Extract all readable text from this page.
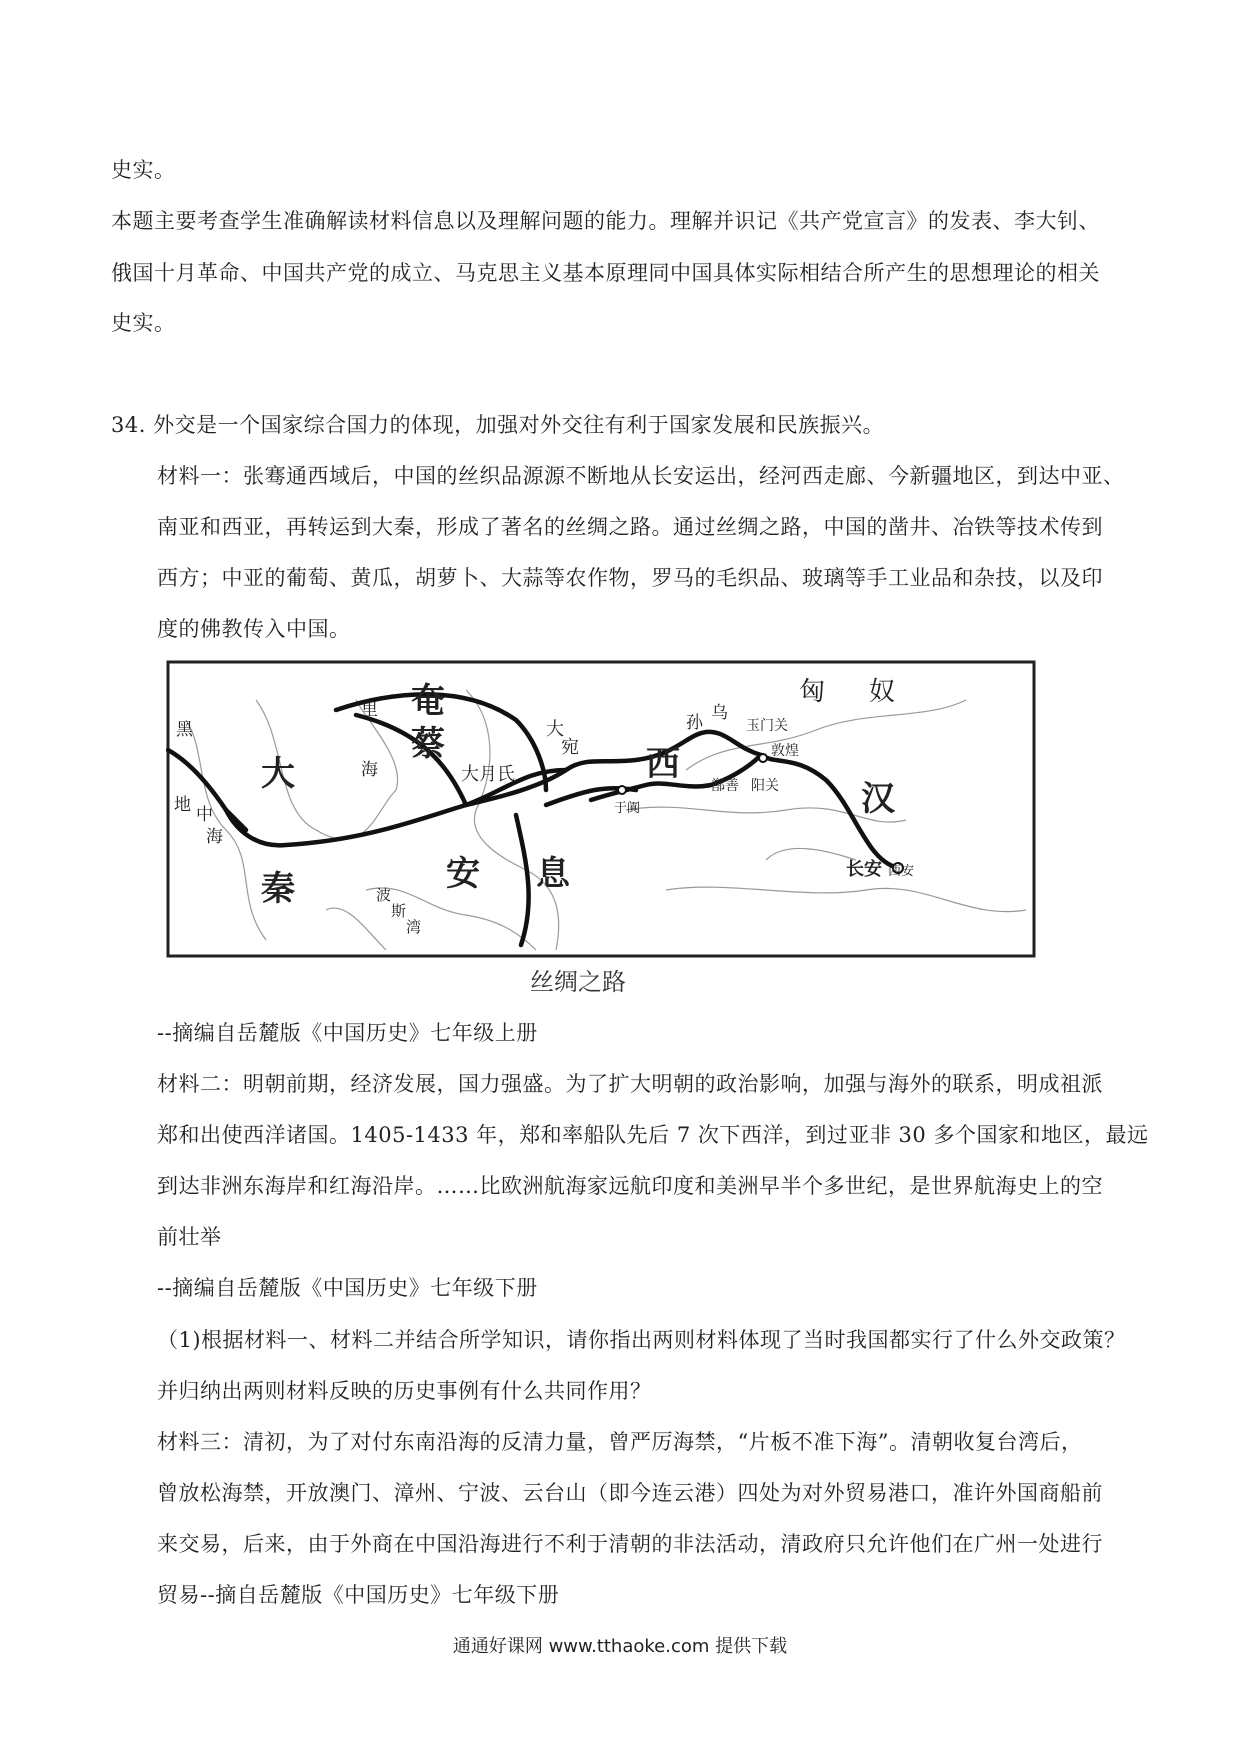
史实。
本题主要考查学生准确解读材料信息以及理解问题的能力。理解并识记《共产党宣言》的发表、李大钊、
俄国十月革命、中国共产党的成立、马克思主义基本原理同中国具体实际相结合所产生的思想理论的相关
史实。
34. 外交是一个国家综合国力的体现，加强对外交往有利于国家发展和民族振兴。
材料一：张骞通西域后，中国的丝织品源源不断地从长安运出，经河西走廊、今新疆地区，到达中亚、
南亚和西亚，再转运到大秦，形成了著名的丝绸之路。通过丝绸之路，中国的凿井、冶铁等技术传到
西方；中亚的葡萄、黄瓜，胡萝卜、大蒜等农作物，罗马的毛织品、玻璃等手工业品和杂技，以及印
度的佛教传入中国。
匈 奴
乌
孙
大
宛
奄
蔡
里
海
黑
大
秦
大月氏
安 息
西
玉门关
敦煌
鄯善 阳关
于阗	汉
长安 西安
地 中
海
波
斯
湾
丝绸之路
--摘编自岳麓版《中国历史》七年级上册
材料二：明朝前期，经济发展，国力强盛。为了扩大明朝的政治影响，加强与海外的联系，明成祖派
郑和出使西洋诸国。1405-1433 年，郑和率船队先后 7 次下西洋，到过亚非 30 多个国家和地区，最远
到达非洲东海岸和红海沿岸。……比欧洲航海家远航印度和美洲早半个多世纪，是世界航海史上的空
前壮举
--摘编自岳麓版《中国历史》七年级下册
（1)根据材料一、材料二并结合所学知识，请你指出两则材料体现了当时我国都实行了什么外交政策？
并归纳出两则材料反映的历史事例有什么共同作用？
材料三：清初，为了对付东南沿海的反清力量，曾严厉海禁，“片板不准下海”。清朝收复台湾后，
曾放松海禁，开放澳门、漳州、宁波、云台山（即今连云港）四处为对外贸易港口，准许外国商船前
来交易，后来，由于外商在中国沿海进行不利于清朝的非法活动，清政府只允许他们在广州一处进行
贸易--摘自岳麓版《中国历史》七年级下册
通通好课网 www.tthaoke.com 提供下载
